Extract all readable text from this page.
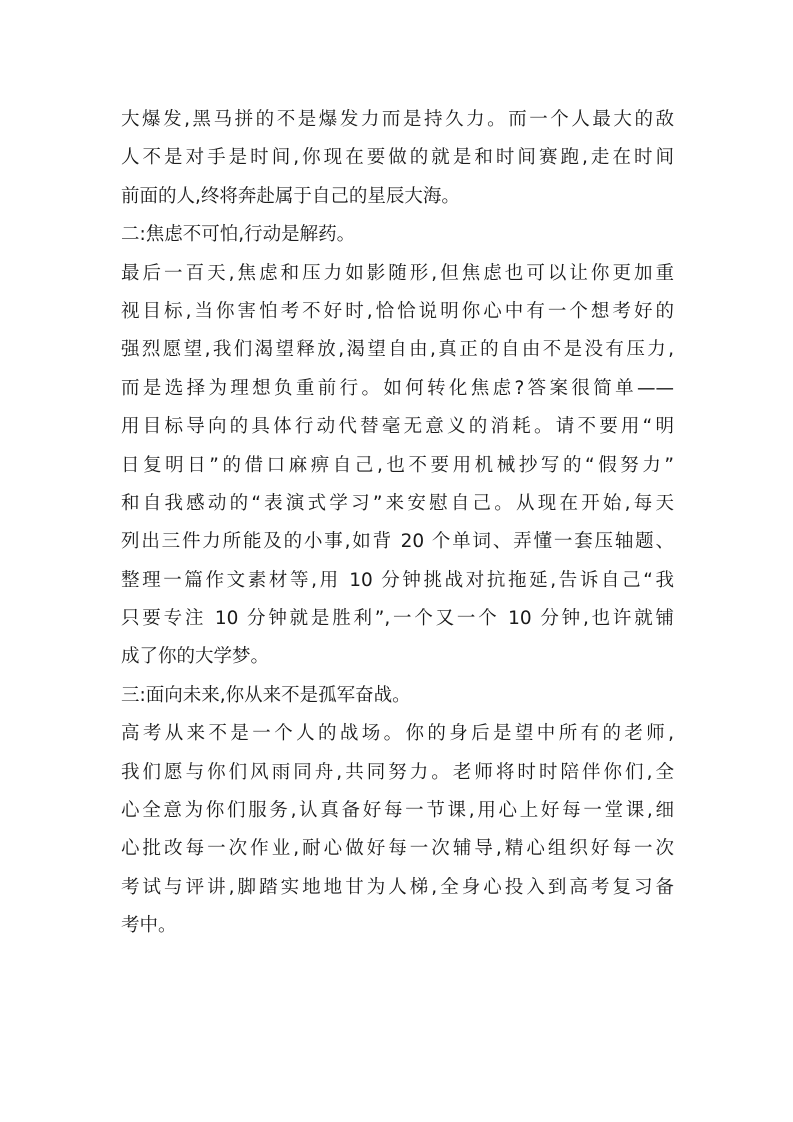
大爆发,黑马拼的不是爆发力而是持久力。而一个人最大的敌
人不是对手是时间,你现在要做的就是和时间赛跑,走在时间
前面的人,终将奔赴属于自己的星辰大海。
二:焦虑不可怕,行动是解药。
最后一百天,焦虑和压力如影随形,但焦虑也可以让你更加重
视目标,当你害怕考不好时,恰恰说明你心中有一个想考好的
强烈愿望,我们渴望释放,渴望自由,真正的自由不是没有压力,
而是选择为理想负重前行。如何转化焦虑?答案很简单——
用目标导向的具体行动代替毫无意义的消耗。请不要用“明
日复明日”的借口麻痹自己,也不要用机械抄写的“假努力”
和自我感动的“表演式学习”来安慰自己。从现在开始,每天
列出三件力所能及的小事,如背 20 个单词、弄懂一套压轴题、
整理一篇作文素材等,用 10 分钟挑战对抗拖延,告诉自己“我
只要专注 10 分钟就是胜利”,一个又一个 10 分钟,也许就铺
成了你的大学梦。
三:面向未来,你从来不是孤军奋战。
高考从来不是一个人的战场。你的身后是望中所有的老师,
我们愿与你们风雨同舟,共同努力。老师将时时陪伴你们,全
心全意为你们服务,认真备好每一节课,用心上好每一堂课,细
心批改每一次作业,耐心做好每一次辅导,精心组织好每一次
考试与评讲,脚踏实地地甘为人梯,全身心投入到高考复习备
考中。
